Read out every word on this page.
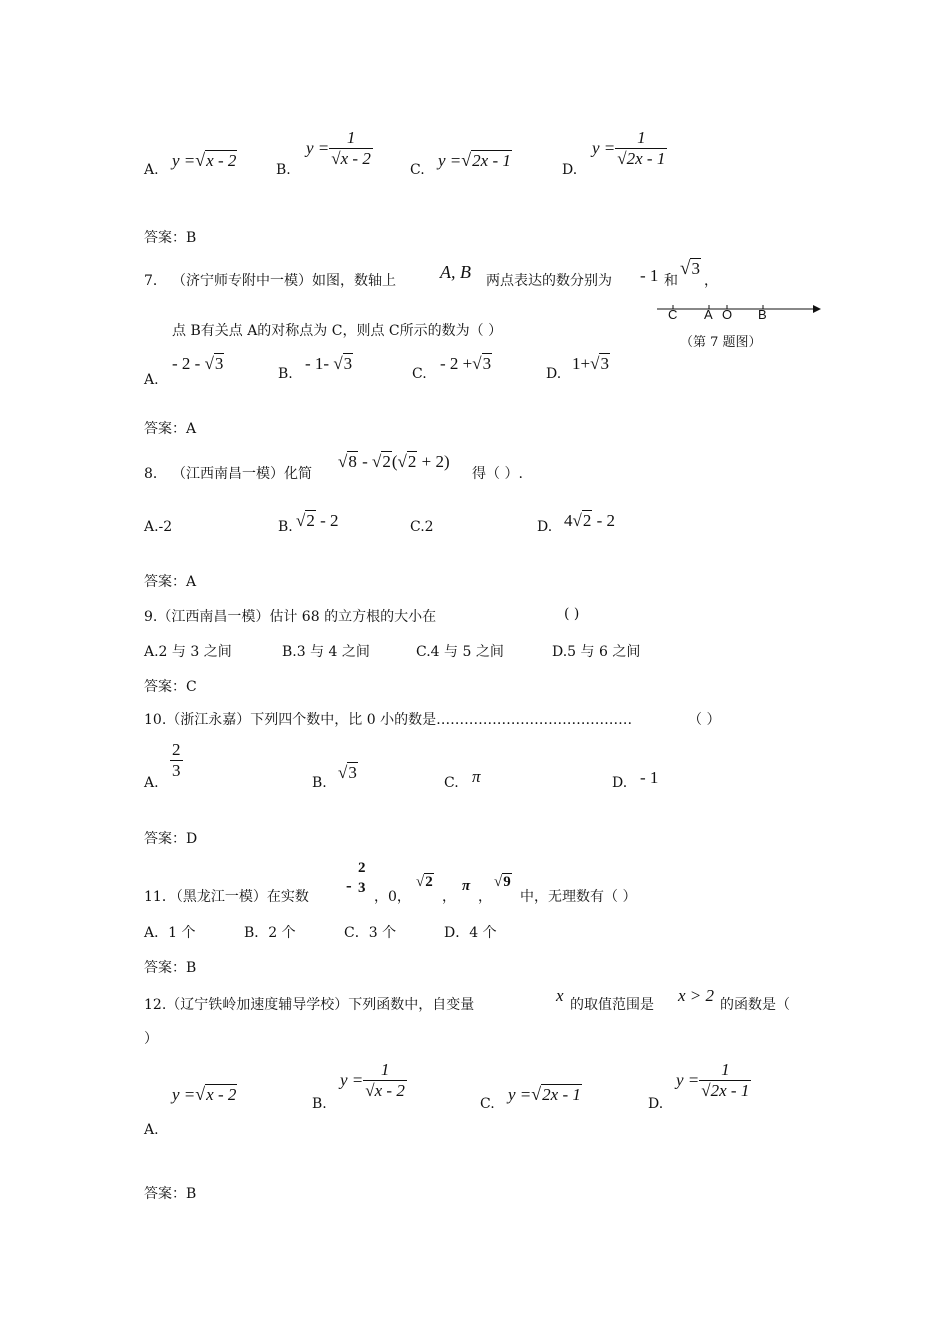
A. y =√x - 2	B.
$y = \frac{1}{√x - 2}$
C. y =√2x - 1	D.
$y = \frac{1}{√2x - 1}$
答案：B
7． （济宁师专附中一模）如图，数轴上 A, B 两点表达的数分别为 - 1 和
√3
，
点 B有关点 A的对称点为 C，则点 C所示的数为（ ）
C A O B
（第 7 题图）
A.
- 2 - √3
B.
- 1- √3
C.
- 2 +√3
D.
1+√3
答案：A
8． （江西南昌一模）化简
√8 - √2(√2 + 2)
得（ ）.
A.-2	B. √2 - 2	C.2	D. 4√2 - 2
答案：A
9.（江西南昌一模）估计 68 的立方根的大小在	( )
A.2 与 3 之间	B.3 与 4 之间	C.4 与 5 之间	D.5 与 6 之间
答案：C
10.（浙江永嘉）下列四个数中，比 0 小的数是……………………………………	（ ）
A.
$\frac{2}{3}$
B.
√3
C. π	D. - 1
答案：D
11．（黑龙江一模）在实数
-
2
3
，0，
√2
，
π
，
√9
中，无理数有（ ）
A．1 个	B．2 个	C．3 个	D．4 个
答案：B
12.（辽宁铁岭加速度辅导学校）下列函数中，自变量	x 的取值范围是 x > 2 的函数是（
）
y =√x - 2
A.
B.
$y = \frac{1}{√x - 2}$
C. y =√2x - 1	D.
$y = \frac{1}{√2x - 1}$
答案：B
